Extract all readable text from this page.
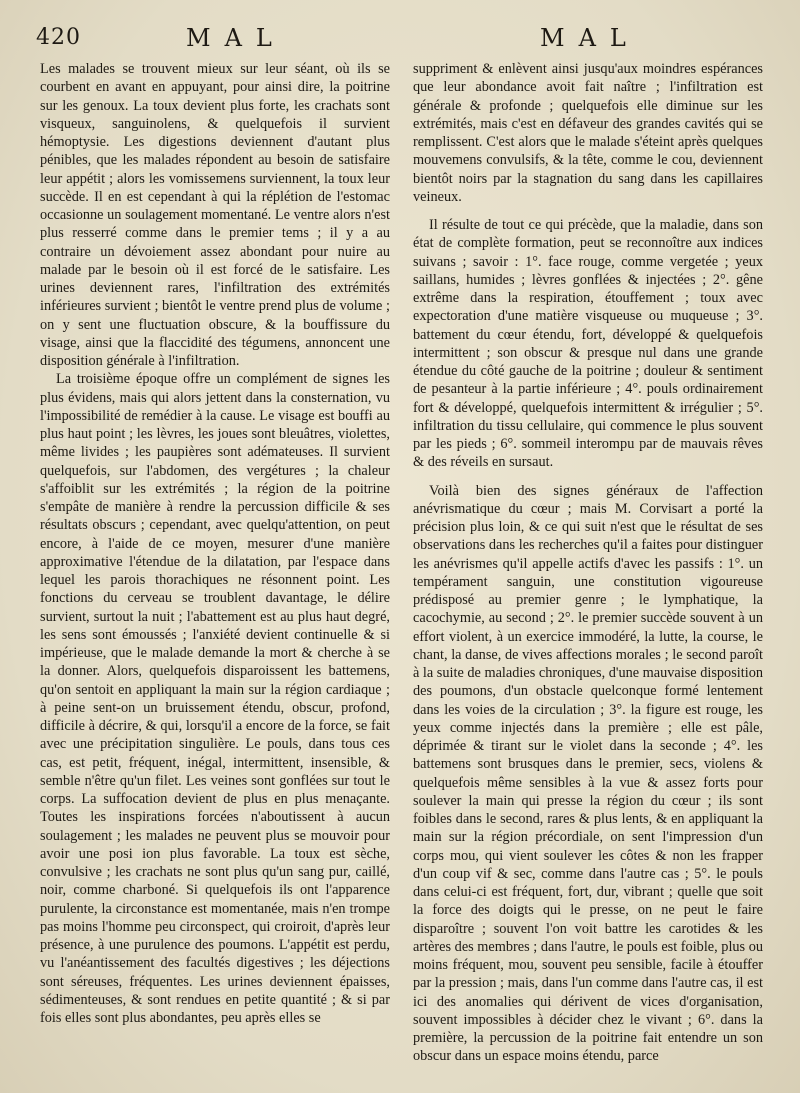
420	MAL	MAL

Les malades se trouvent mieux sur leur séant, où ils se courbent en avant en appuyant, pour ainsi dire, la poitrine sur les genoux. La toux devient plus forte, les crachats sont visqueux, sanguinolens, & quelquefois il survient hémoptysie. Les digestions deviennent d'autant plus pénibles, que les malades répondent au besoin de satisfaire leur appétit ; alors les vomissemens surviennent, la toux leur succède. Il en est cependant à qui la réplétion de l'estomac occasionne un soulagement momentané. Le ventre alors n'est plus resserré comme dans le premier tems ; il y a au contraire un dévoiement assez abondant pour nuire au malade par le besoin où il est forcé de le satisfaire. Les urines deviennent rares, l'infiltration des extrémités inférieures survient ; bientôt le ventre prend plus de volume ; on y sent une fluctuation obscure, & la bouffissure du visage, ainsi que la flaccidité des tégumens, annoncent une disposition générale à l'infiltration.

La troisième époque offre un complément de signes les plus évidens, mais qui alors jettent dans la consternation, vu l'impossibilité de remédier à la cause. Le visage est bouffi au plus haut point ; les lèvres, les joues sont bleuâtres, violettes, même livides ; les paupières sont adémateuses. Il survient quelquefois, sur l'abdomen, des vergétures ; la chaleur s'affoiblit sur les extrémités ; la région de la poitrine s'empâte de manière à rendre la percussion difficile & ses résultats obscurs ; cependant, avec quelqu'attention, on peut encore, à l'aide de ce moyen, mesurer d'une manière approximative l'étendue de la dilatation, par l'espace dans lequel les parois thorachiques ne résonnent point. Les fonctions du cerveau se troublent davantage, le délire survient, surtout la nuit ; l'abattement est au plus haut degré, les sens sont émoussés ; l'anxiété devient continuelle & si impérieuse, que le malade demande la mort & cherche à se la donner. Alors, quelquefois disparoissent les battemens, qu'on sentoit en appliquant la main sur la région cardiaque ; à peine sent-on un bruissement étendu, obscur, profond, difficile à décrire, & qui, lorsqu'il a encore de la force, se fait avec une précipitation singulière. Le pouls, dans tous ces cas, est petit, fréquent, inégal, intermittent, insensible, & semble n'être qu'un filet. Les veines sont gonflées sur tout le corps. La suffocation devient de plus en plus menaçante. Toutes les inspirations forcées n'aboutissent à aucun soulagement ; les malades ne peuvent plus se mouvoir pour avoir une posi ion plus favorable. La toux est sèche, convulsive ; les crachats ne sont plus qu'un sang pur, caillé, noir, comme charboné. Si quelquefois ils ont l'apparence purulente, la circonstance est momentanée, mais n'en trompe pas moins l'homme peu circonspect, qui croiroit, d'après leur présence, à une purulence des poumons. L'appétit est perdu, vu l'anéantissement des facultés digestives ; les déjections sont séreuses, fréquentes. Les urines deviennent épaisses, sédimenteuses, & sont rendues en petite quantité ; & si par fois elles sont plus abondantes, peu après elles se

suppriment & enlèvent ainsi jusqu'aux moindres espérances que leur abondance avoit fait naître ; l'infiltration est générale & profonde ; quelquefois elle diminue sur les extrémités, mais c'est en défaveur des grandes cavités qui se remplissent. C'est alors que le malade s'éteint après quelques mouvemens convulsifs, & la tête, comme le cou, deviennent bientôt noirs par la stagnation du sang dans les capillaires veineux.

Il résulte de tout ce qui précède, que la maladie, dans son état de complète formation, peut se reconnoître aux indices suivans ; savoir : 1°. face rouge, comme vergetée ; yeux saillans, humides ; lèvres gonflées & injectées ; 2°. gêne extrême dans la respiration, étouffement ; toux avec expectoration d'une matière visqueuse ou muqueuse ; 3°. battement du cœur étendu, fort, développé & quelquefois intermittent ; son obscur & presque nul dans une grande étendue du côté gauche de la poitrine ; douleur & sentiment de pesanteur à la partie inférieure ; 4°. pouls ordinairement fort & développé, quelquefois intermittent & irrégulier ; 5°. infiltration du tissu cellulaire, qui commence le plus souvent par les pieds ; 6°. sommeil interompu par de mauvais rêves & des réveils en sursaut.

Voilà bien des signes généraux de l'affection anévrismatique du cœur ; mais M. Corvisart a porté la précision plus loin, & ce qui suit n'est que le résultat de ses observations dans les recherches qu'il a faites pour distinguer les anévrismes qu'il appelle actifs d'avec les passifs : 1°. un tempérament sanguin, une constitution vigoureuse prédisposé au premier genre ; le lymphatique, la cacochymie, au second ; 2°. le premier succède souvent à un effort violent, à un exercice immodéré, la lutte, la course, le chant, la danse, de vives affections morales ; le second paroît à la suite de maladies chroniques, d'une mauvaise disposition des poumons, d'un obstacle quelconque formé lentement dans les voies de la circulation ; 3°. la figure est rouge, les yeux comme injectés dans la première ; elle est pâle, déprimée & tirant sur le violet dans la seconde ; 4°. les battemens sont brusques dans le premier, secs, violens & quelquefois même sensibles à la vue & assez forts pour soulever la main qui presse la région du cœur ; ils sont foibles dans le second, rares & plus lents, & en appliquant la main sur la région précordiale, on sent l'impression d'un corps mou, qui vient soulever les côtes & non les frapper d'un coup vif & sec, comme dans l'autre cas ; 5°. le pouls dans celui-ci est fréquent, fort, dur, vibrant ; quelle que soit la force des doigts qui le presse, on ne peut le faire disparoître ; souvent l'on voit battre les carotides & les artères des membres ; dans l'autre, le pouls est foible, plus ou moins fréquent, mou, souvent peu sensible, facile à étouffer par la pression ; mais, dans l'un comme dans l'autre cas, il est ici des anomalies qui dérivent de vices d'organisation, souvent impossibles à décider chez le vivant ; 6°. dans la première, la percussion de la poitrine fait entendre un son obscur dans un espace moins étendu, parce
